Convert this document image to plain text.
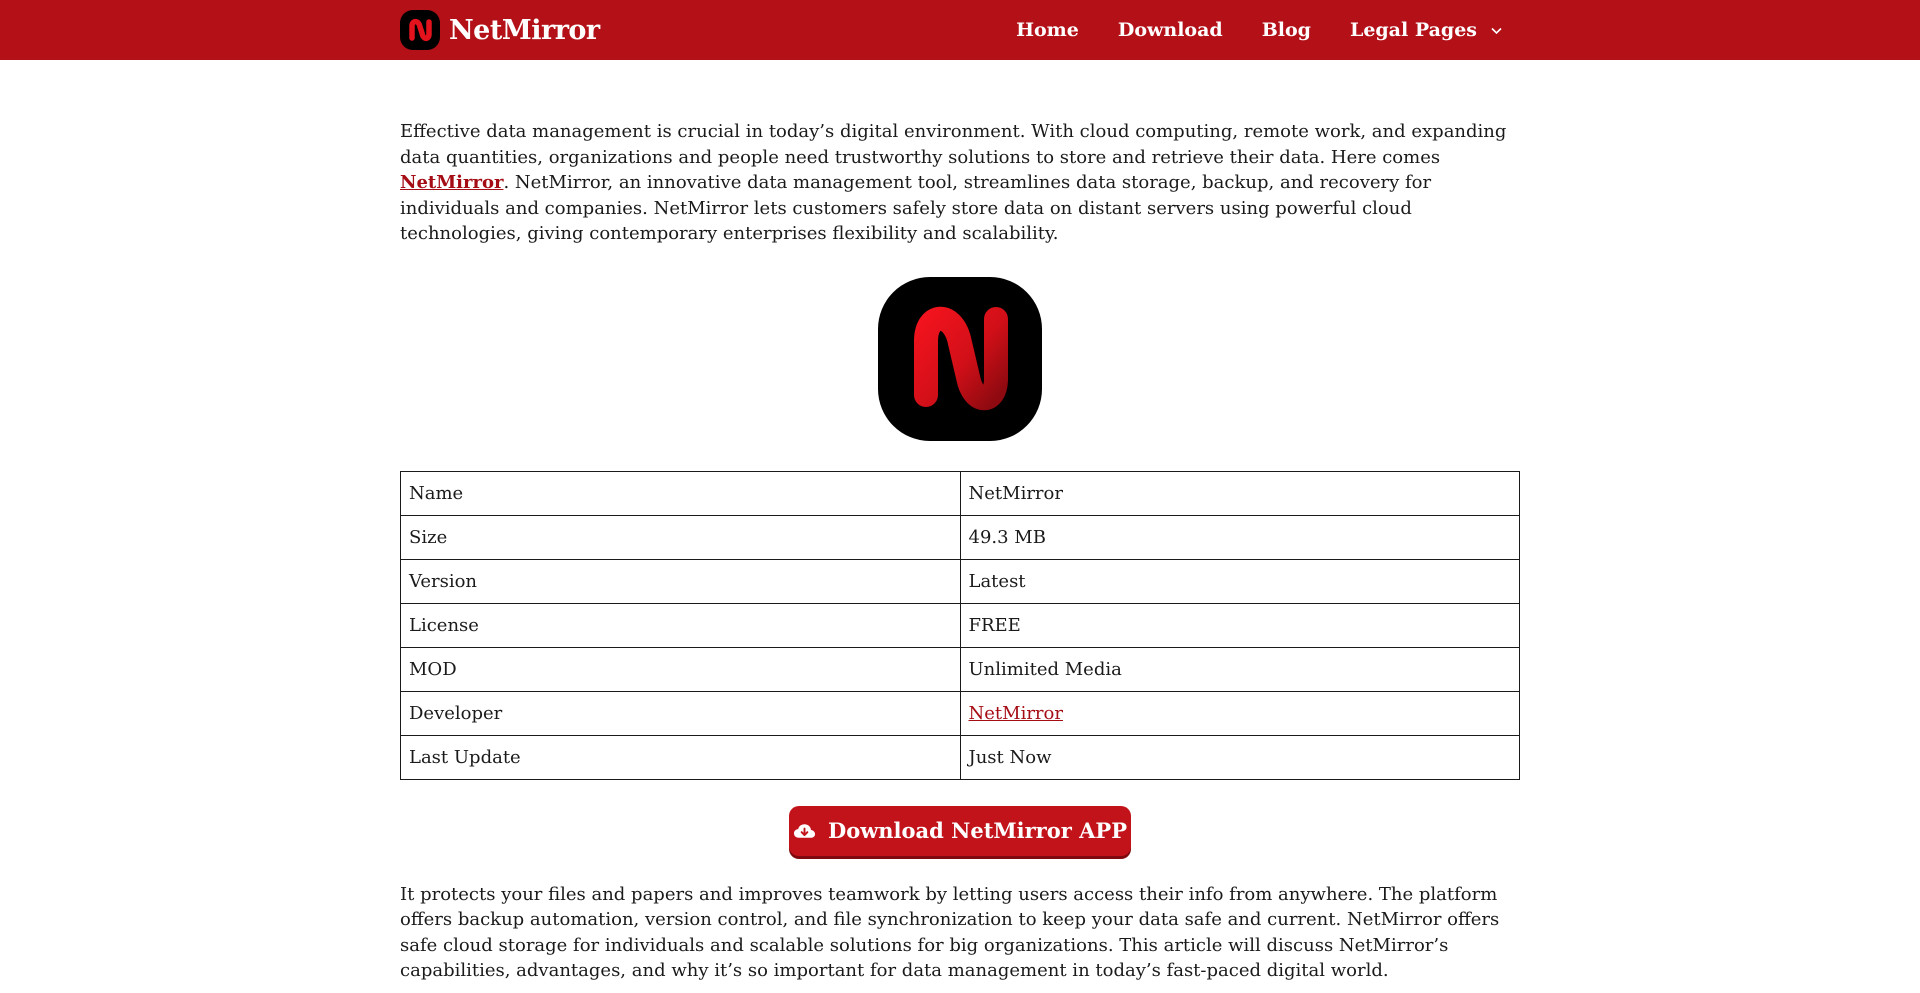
NetMirror	Home Download Blog Legal Pages

Effective data management is crucial in today’s digital environment. With cloud computing, remote work, and expanding data quantities, organizations and people need trustworthy solutions to store and retrieve their data. Here comes NetMirror. NetMirror, an innovative data management tool, streamlines data storage, backup, and recovery for individuals and companies. NetMirror lets customers safely store data on distant servers using powerful cloud technologies, giving contemporary enterprises flexibility and scalability.

Name	NetMirror
Size	49.3 MB
Version	Latest
License	FREE
MOD	Unlimited Media
Developer	NetMirror
Last Update	Just Now
Download NetMirror APP

It protects your files and papers and improves teamwork by letting users access their info from anywhere. The platform offers backup automation, version control, and file synchronization to keep your data safe and current. NetMirror offers safe cloud storage for individuals and scalable solutions for big organizations. This article will discuss NetMirror’s capabilities, advantages, and why it’s so important for data management in today’s fast-paced digital world.
